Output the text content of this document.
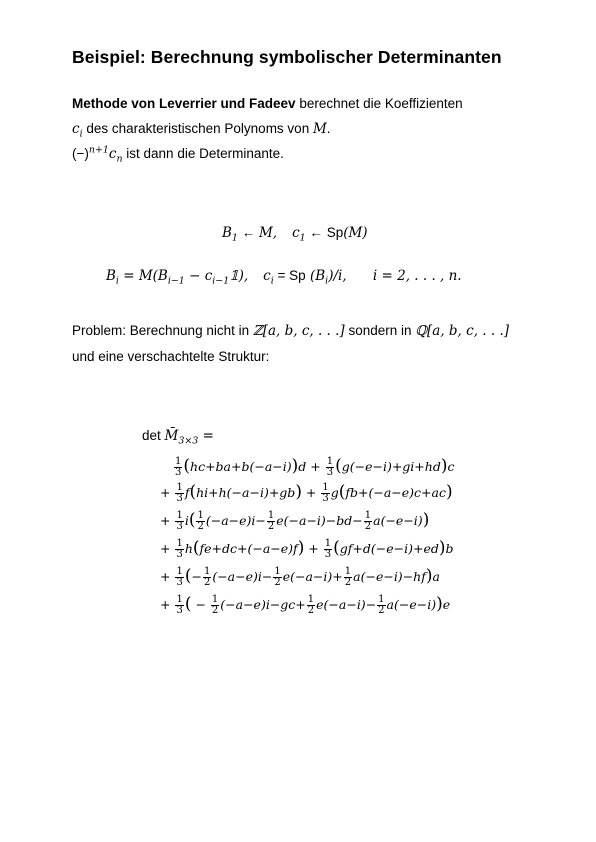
Beispiel: Berechnung symbolischer Determinanten
Methode von Leverrier und Fadeev berechnet die Koeffizienten
$c_i$ des charakteristischen Polynoms von M.
$(-)^{n+1}c_n$ ist dann die Determinante.
$B_1$ ← M, $c_1$ ← Sp(M)
$B_i = M(B_{i-1}$ − $c_{i-1}𝟙$), $c_i = Sp$ $(B_i)/i$, i = 2, . . . , n.
Problem: Berechnung nicht in ℤ[a, b, c, . . .] sondern in ℚ[a, b, c, . . .]
und eine verschachtelte Struktur:
$\det M̄_{3\times 3}$ =
$\frac{1}{3} (hc+ba+b(-a-i))d + \frac{1}{3} (g(-e-i)+gi+hd)c$
+ $\frac{1}{3} f(hi+h(-a-i)+gb) + \frac{1}{3} g(fb+(-a-e)c+ac)$
+ $\frac{1}{3} i( \frac{1}{2} (-a-e)i- \frac{1}{2} e(-a-i)-bd- \frac{1}{2} a(-e-i))$
+ $\frac{1}{3} h(fe+dc+(-a-e)f) + \frac{1}{3} (gf+d(-e-i)+ed)b$
+ $\frac{1}{3}$ (− $\frac{1}{2} (-a-e)i- \frac{1}{2} e(-a-i)+ \frac{1}{2} a(-e-i)-hf)a$
+ $\frac{1}{3}$ ( − $\frac{1}{2} (-a-e)i-gc+ \frac{1}{2} e(-a-i)- \frac{1}{2} a(-e-i))e$
